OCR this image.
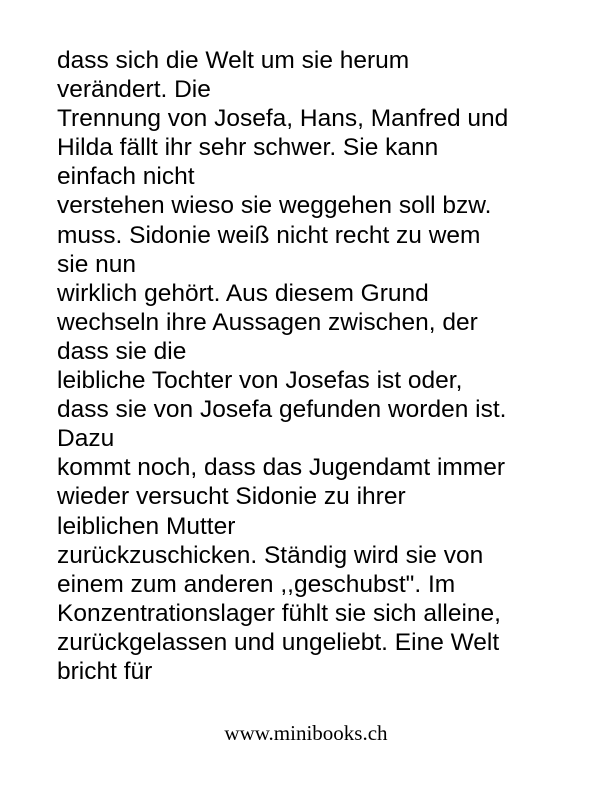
dass sich die Welt um sie herum
verändert. Die
Trennung von Josefa, Hans, Manfred und
Hilda fällt ihr sehr schwer. Sie kann
einfach nicht
verstehen wieso sie weggehen soll bzw.
muss. Sidonie weiß nicht recht zu wem
sie nun
wirklich gehört. Aus diesem Grund
wechseln ihre Aussagen zwischen, der
dass sie die
leibliche Tochter von Josefas ist oder,
dass sie von Josefa gefunden worden ist.
Dazu
kommt noch, dass das Jugendamt immer
wieder versucht Sidonie zu ihrer
leiblichen Mutter
zurückzuschicken. Ständig wird sie von
einem zum anderen ,,geschubst". Im
Konzentrationslager fühlt sie sich alleine,
zurückgelassen und ungeliebt. Eine Welt
bricht für
www.minibooks.ch
